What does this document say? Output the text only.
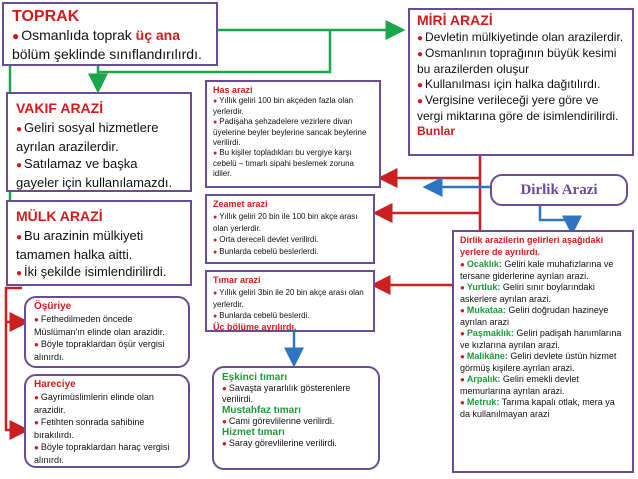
TOPRAK

● Osmanlıda toprak üç ana bölüm şeklinde sınıflandırılırdı.

MİRİ ARAZİ

● Devletin mülkiyetinde olan arazilerdir.

● Osmanlının toprağının büyük kesimi bu arazilerden oluşur

● Kullanılması için halka dağıtılırdı.

● Vergisine verileceği yere göre ve vergi miktarına göre de isimlendirilirdi.

Bunlar

VAKIF ARAZİ

● Geliri sosyal hizmetlere ayrılan arazilerdir.

● Satılamaz ve başka gayeler için kullanılamazdı.

MÜLK ARAZİ

● Bu arazinin mülkiyeti tamamen halka aitti.

● İki şekilde isimlendirilirdi.

Has arazi

● Yıllık geliri 100 bin akçeden fazla olan yerlerdir.

● Padişaha şehzadelere vezirlere divan üyelerine beyler beylerine sancak beylerine verilirdi.

● Bu kişiler topladıkları bu vergiye karşı cebelü – tımarlı sipahi beslemek zoruna idiler.

Zeamet arazi

● Yıllık geliri 20 bin ile 100 bin akçe arası olan yerlerdir.

● Orta dereceli devlet verilirdi.

● Bunlarda cebelü beslerlerdi.

Tımar arazi

● Yıllık geliri 3bin ile 20 bin akçe arası olan yerlerdir.

● Bunlarda cebelü beslerdi.

Üç bölüme ayrılırdı.

Dirlik Arazi

Öşüriye

● Fethedilmeden öncede Müslüman'ın elinde olan arazidir.

● Böyle topraklardan öşür vergisi alınırdı.

Hareciye

● Gayrimüslimlerin elinde olan arazidir.

● Fetihten sonrada sahibine bırakılırdı.

● Böyle topraklardan haraç vergisi alınırdı.

Eşkinci tımarı

● Savaşta yararlılık gösterenlere verilirdi.

Mustahfaz tımarı

● Cami görevlilerine verilirdi.

Hizmet tımarı

● Saray görevlilerine verilirdi.

Dirlik arazilerin gelirleri aşağıdaki yerlere de ayrılırdı.

● Ocaklık: Geliri kale muhafızlarına ve tersane giderlerine ayrılan arazi.

● Yurtluk: Geliri sınır boylarındaki askerlere ayrılan arazi.

● Mukataa: Geliri doğrudan hazineye ayrılan arazi

● Paşmaklık: Geliri padişah hanımlarına ve kızlarına ayrılan arazi.

● Malikâne: Geliri devlete üstün hizmet görmüş kişilere ayrılan arazi.

● Arpalık: Geliri emekli devlet memurlarına ayrılan arazi.

● Metruk: Tarıma kapalı otlak, mera ya da kullanılmayan arazi
